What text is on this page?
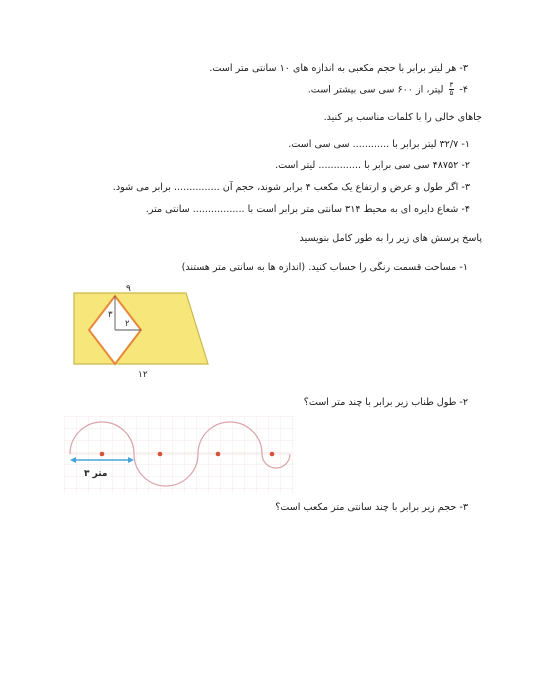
۳- هر لیتر برابر با حجم مکعبی به اندازه های ۱۰ سانتی متر است.
۴-
$\frac{۳}{۵}$
لیتر، از ۶۰۰ سی سی بیشتر است.
جاهای خالی را با کلمات مناسب پر کنید.
۱- ۳۲/۷ لیتر برابر با ............ سی سی است.
۲- ۴۸۷۵۲ سی سی برابر با .............. لیتر است.
۳- اگر طول و عرض و ارتفاع یک مکعب ۴ برابر شوند، حجم آن ............... برابر می شود.
۴- شعاع دایره ای به محیط ۳۱۴ سانتی متر برابر است با ................. سانتی متر.
پاسخ پرسش های زیر را به طور کامل بنویسید
۱- مساحت قسمت رنگی را حساب کنید. (اندازه ها به سانتی متر هستند)
۹
۱۲
۳
۲
۲- طول طناب زیر برابر با چند متر است؟
۳ متر
۳- حجم زیر برابر با چند سانتی متر مکعب است؟
